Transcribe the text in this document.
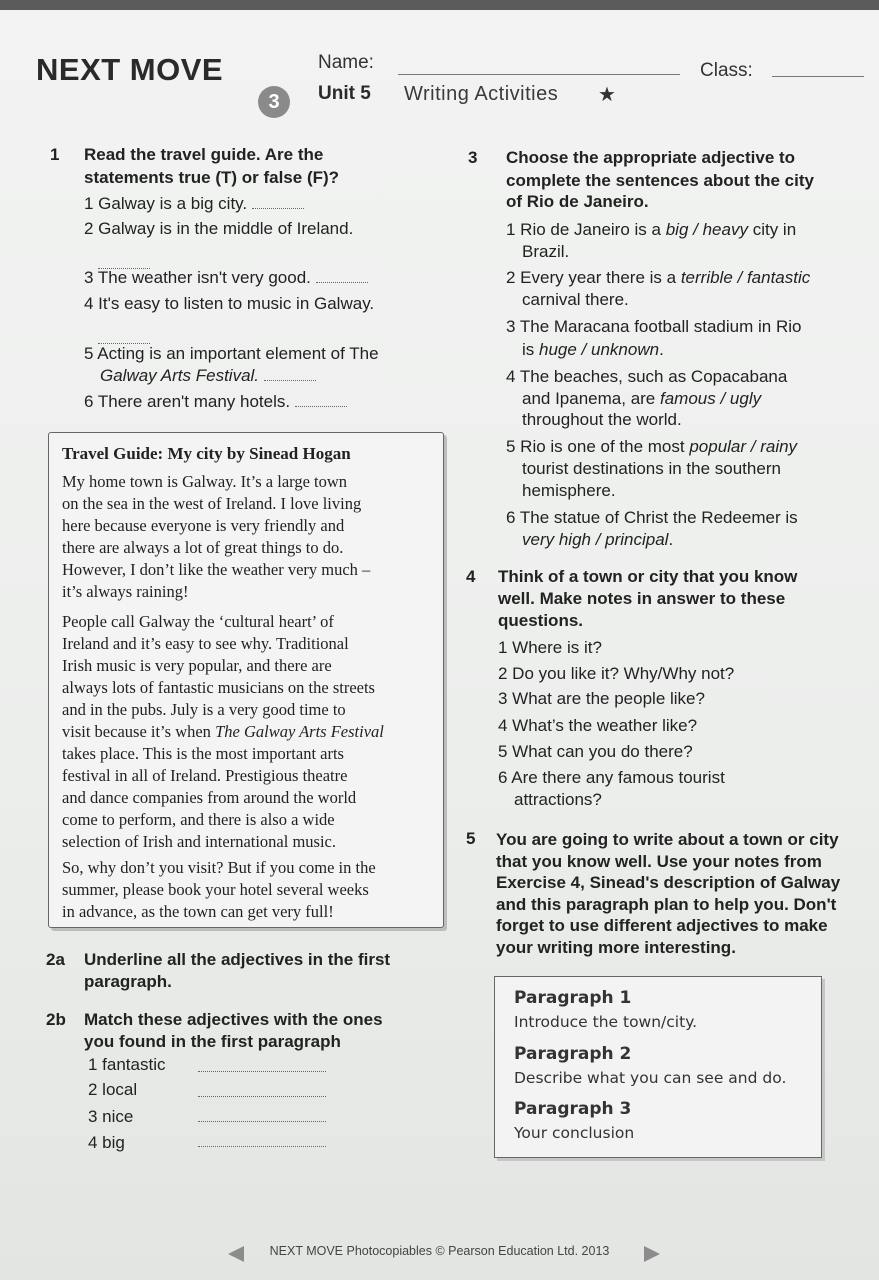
NEXT MOVE
3
Name:	Class:
Unit 5 Writing Activities ★
1 Read the travel guide. Are the
statements true (T) or false (F)?
1 Galway is a big city.
2 Galway is in the middle of Ireland.
3 The weather isn't very good.
4 It's easy to listen to music in Galway.
5 Acting is an important element of The
Galway Arts Festival.
6 There aren't many hotels.
Travel Guide: My city by Sinead Hogan
My home town is Galway. It’s a large town
on the sea in the west of Ireland. I love living
here because everyone is very friendly and
there are always a lot of great things to do.
However, I don’t like the weather very much –
it’s always raining!
People call Galway the ‘cultural heart’ of
Ireland and it’s easy to see why. Traditional
Irish music is very popular, and there are
always lots of fantastic musicians on the streets
and in the pubs. July is a very good time to
visit because it’s when The Galway Arts Festival
takes place. This is the most important arts
festival in all of Ireland. Prestigious theatre
and dance companies from around the world
come to perform, and there is also a wide
selection of Irish and international music.
So, why don’t you visit? But if you come in the
summer, please book your hotel several weeks
in advance, as the town can get very full!
2a Underline all the adjectives in the first
paragraph.
2b Match these adjectives with the ones
you found in the first paragraph
1 fantastic
2 local
3 nice
4 big
3 Choose the appropriate adjective to
complete the sentences about the city
of Rio de Janeiro.
1 Rio de Janeiro is a big / heavy city in
Brazil.
2 Every year there is a terrible / fantastic
carnival there.
3 The Maracana football stadium in Rio
is huge / unknown.
4 The beaches, such as Copacabana
and Ipanema, are famous / ugly
throughout the world.
5 Rio is one of the most popular / rainy
tourist destinations in the southern
hemisphere.
6 The statue of Christ the Redeemer is
very high / principal.
4 Think of a town or city that you know
well. Make notes in answer to these
questions.
1 Where is it?
2 Do you like it? Why/Why not?
3 What are the people like?
4 What’s the weather like?
5 What can you do there?
6 Are there any famous tourist
attractions?
5 You are going to write about a town or city
that you know well. Use your notes from
Exercise 4, Sinead's description of Galway
and this paragraph plan to help you. Don't
forget to use different adjectives to make
your writing more interesting.
Paragraph 1
Introduce the town/city.
Paragraph 2
Describe what you can see and do.
Paragraph 3
Your conclusion
NEXT MOVE Photocopiables © Pearson Education Ltd. 2013
